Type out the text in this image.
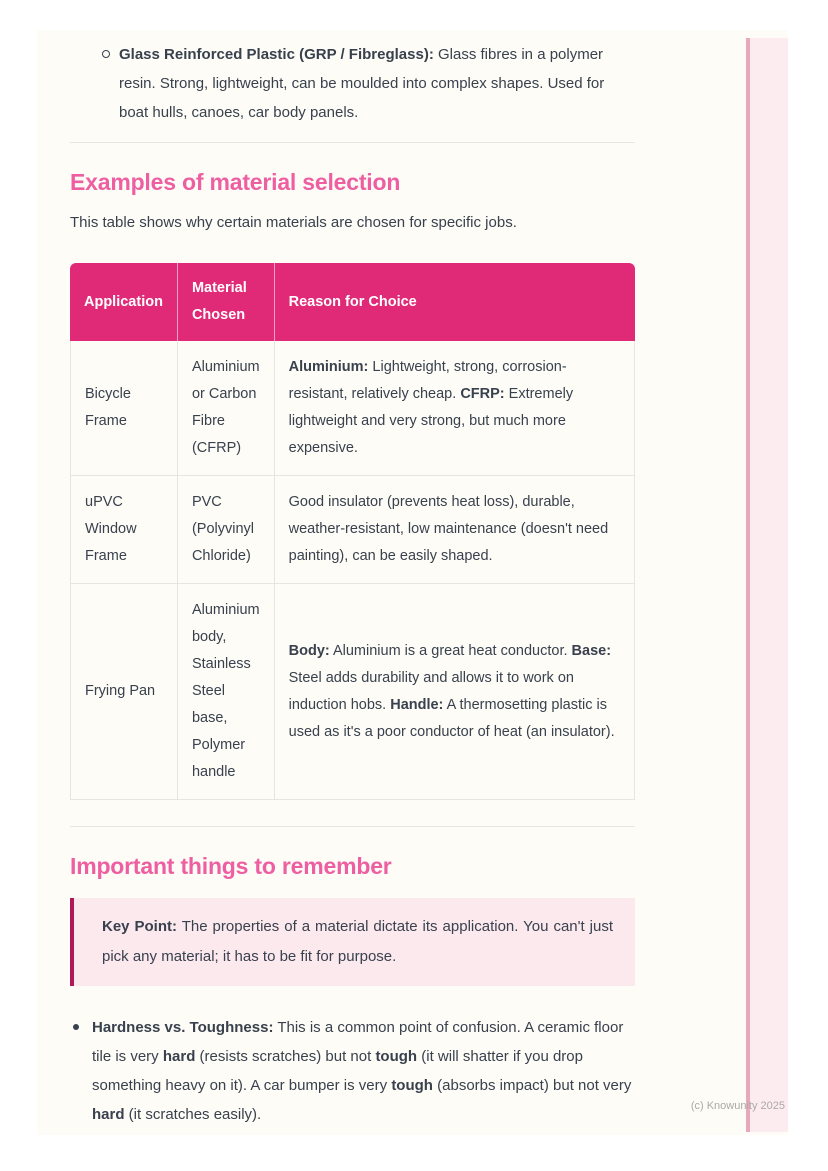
Glass Reinforced Plastic (GRP / Fibreglass): Glass fibres in a polymer resin. Strong, lightweight, can be moulded into complex shapes. Used for boat hulls, canoes, car body panels.

Examples of material selection

This table shows why certain materials are chosen for specific jobs.

Application	Material Chosen	Reason for Choice
Bicycle Frame	Aluminium or Carbon Fibre (CFRP)	Aluminium: Lightweight, strong, corrosion-resistant, relatively cheap. CFRP: Extremely lightweight and very strong, but much more expensive.
uPVC Window Frame	PVC (Polyvinyl Chloride)	Good insulator (prevents heat loss), durable, weather-resistant, low maintenance (doesn't need painting), can be easily shaped.
Frying Pan	Aluminium body, Stainless Steel base, Polymer handle	Body: Aluminium is a great heat conductor. Base: Steel adds durability and allows it to work on induction hobs. Handle: A thermosetting plastic is used as it's a poor conductor of heat (an insulator).
Important things to remember

Key Point: The properties of a material dictate its application. You can't just pick any material; it has to be fit for purpose.

Hardness vs. Toughness: This is a common point of confusion. A ceramic floor tile is very hard (resists scratches) but not tough (it will shatter if you drop something heavy on it). A car bumper is very tough (absorbs impact) but not very hard (it scratches easily).	(c) Knowunity 2025
